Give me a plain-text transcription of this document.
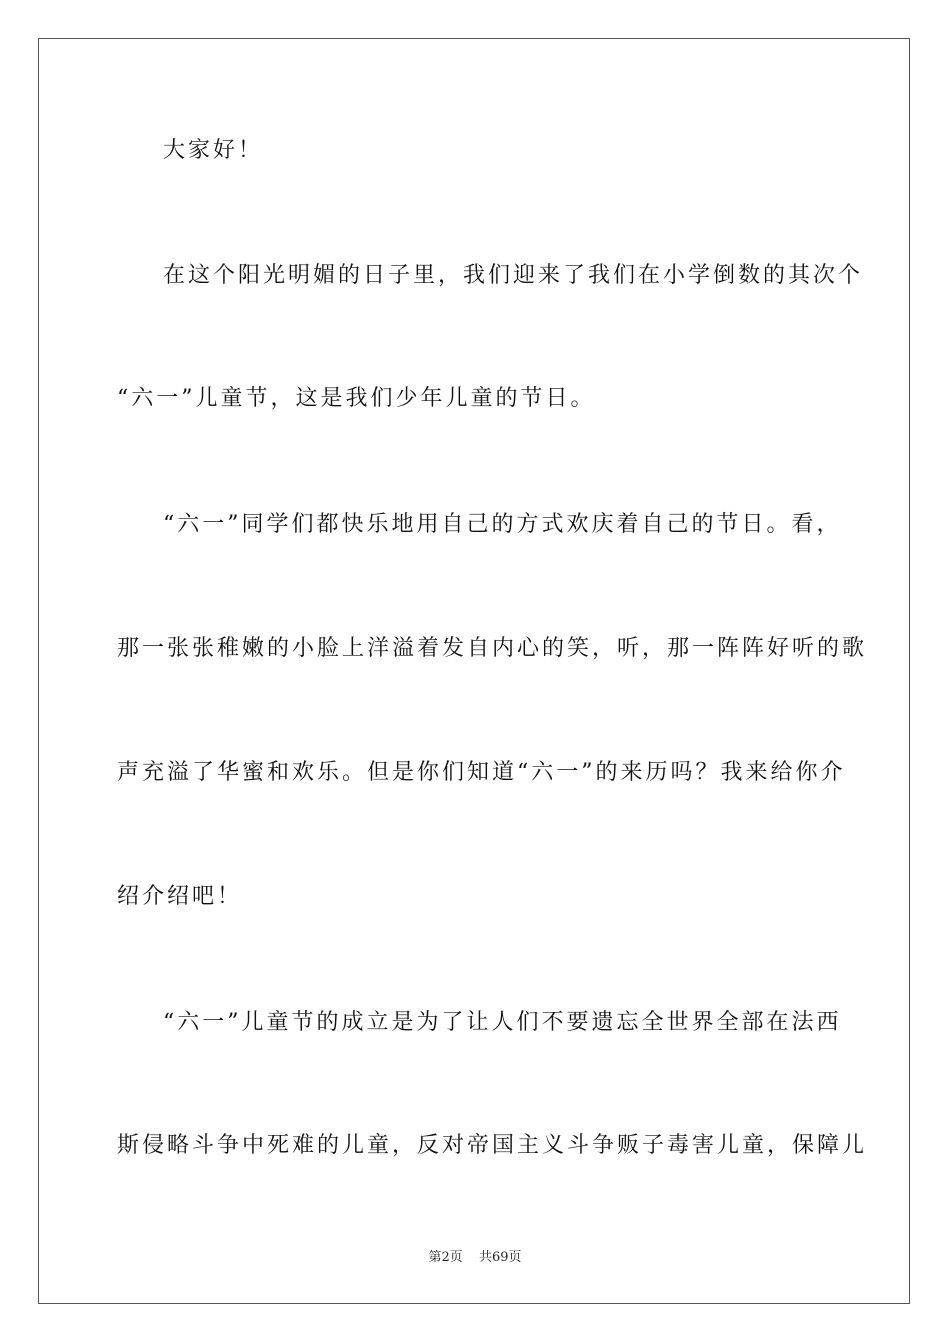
大家好！
在这个阳光明媚的日子里，我们迎来了我们在小学倒数的其次个
“六一”儿童节，这是我们少年儿童的节日。
“六一”同学们都快乐地用自己的方式欢庆着自己的节日。看，
那一张张稚嫩的小脸上洋溢着发自内心的笑，听，那一阵阵好听的歌
声充溢了华蜜和欢乐。但是你们知道“六一”的来历吗？我来给你介
绍介绍吧！
“六一”儿童节的成立是为了让人们不要遗忘全世界全部在法西
斯侵略斗争中死难的儿童，反对帝国主义斗争贩子毒害儿童，保障儿
第2页 共69页
